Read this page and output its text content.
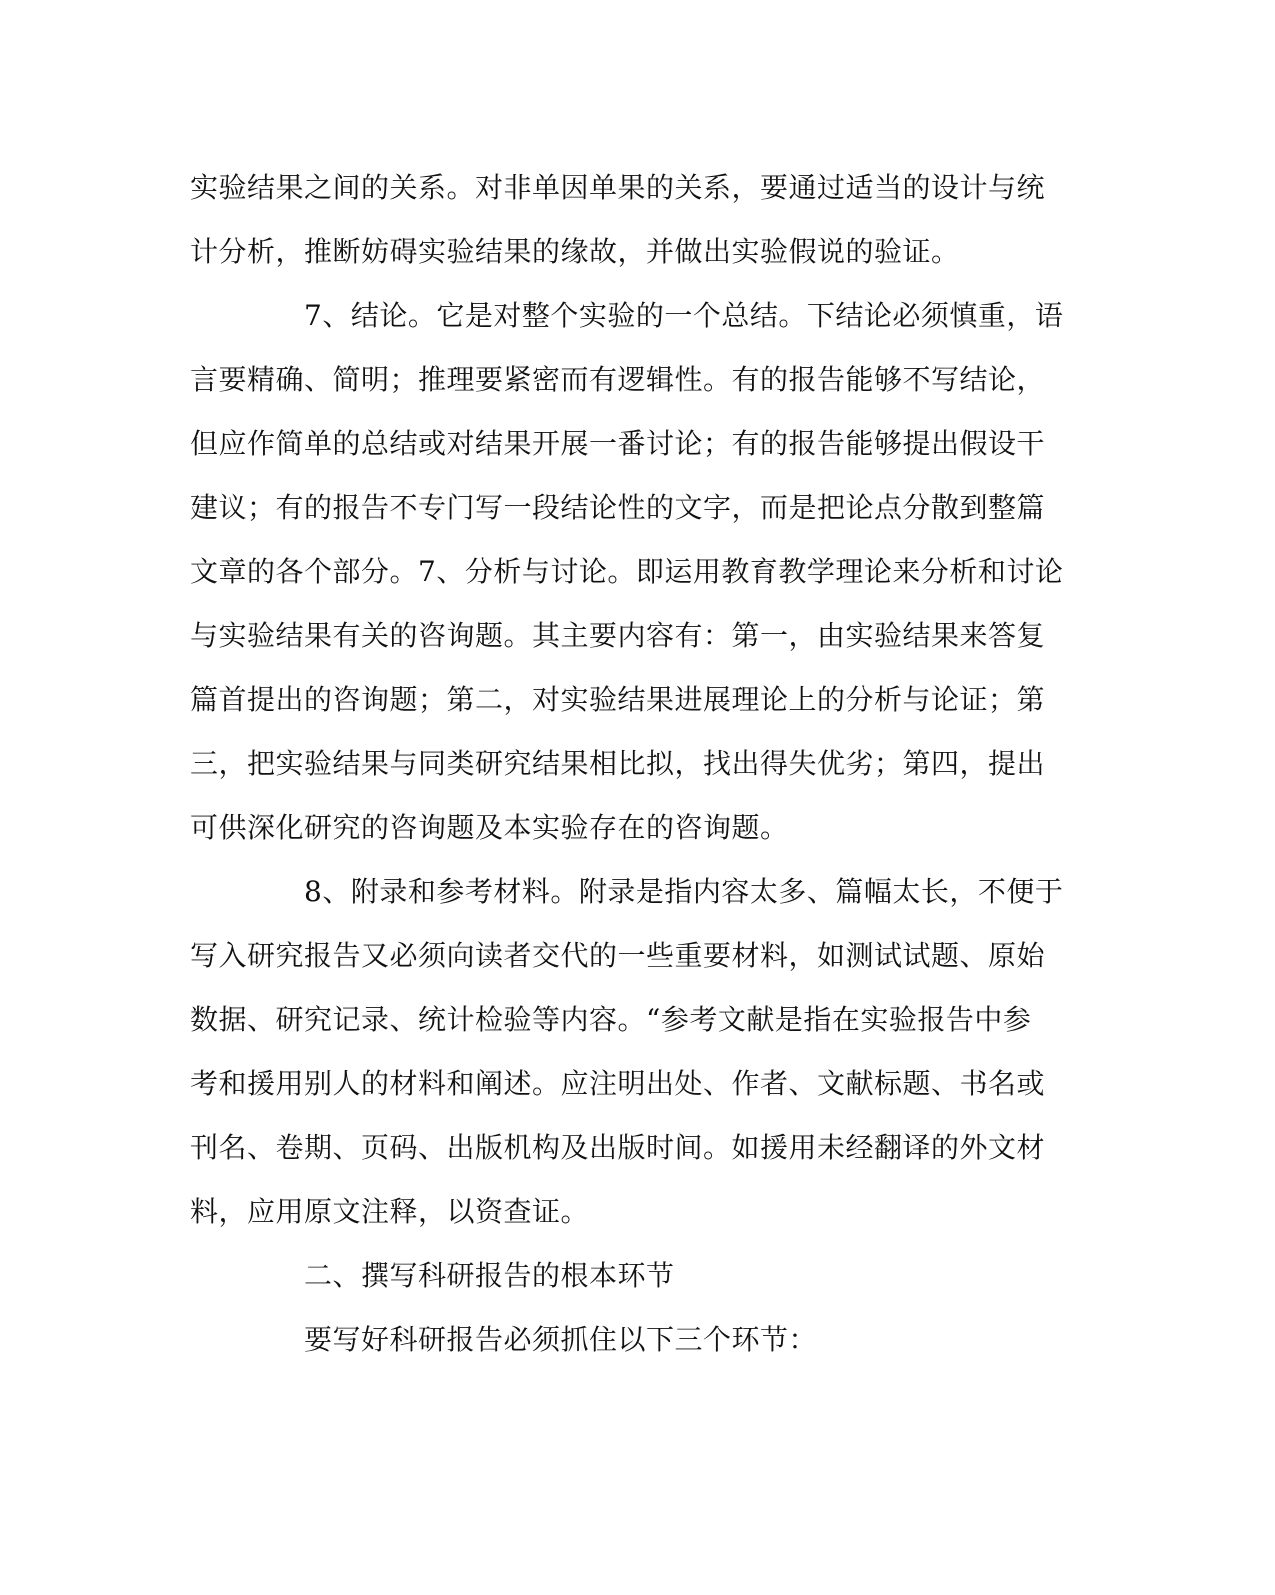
实验结果之间的关系。对非单因单果的关系，要通过适当的设计与统
计分析，推断妨碍实验结果的缘故，并做出实验假说的验证。
7、结论。它是对整个实验的一个总结。下结论必须慎重，语
言要精确、简明；推理要紧密而有逻辑性。有的报告能够不写结论，
但应作简单的总结或对结果开展一番讨论；有的报告能够提出假设干
建议；有的报告不专门写一段结论性的文字，而是把论点分散到整篇
文章的各个部分。7、分析与讨论。即运用教育教学理论来分析和讨论
与实验结果有关的咨询题。其主要内容有：第一，由实验结果来答复
篇首提出的咨询题；第二，对实验结果进展理论上的分析与论证；第
三，把实验结果与同类研究结果相比拟，找出得失优劣；第四，提出
可供深化研究的咨询题及本实验存在的咨询题。
8、附录和参考材料。附录是指内容太多、篇幅太长，不便于
写入研究报告又必须向读者交代的一些重要材料，如测试试题、原始
数据、研究记录、统计检验等内容。“参考文献是指在实验报告中参
考和援用别人的材料和阐述。应注明出处、作者、文献标题、书名或
刊名、卷期、页码、出版机构及出版时间。如援用未经翻译的外文材
料，应用原文注释，以资查证。
二、撰写科研报告的根本环节
要写好科研报告必须抓住以下三个环节：
